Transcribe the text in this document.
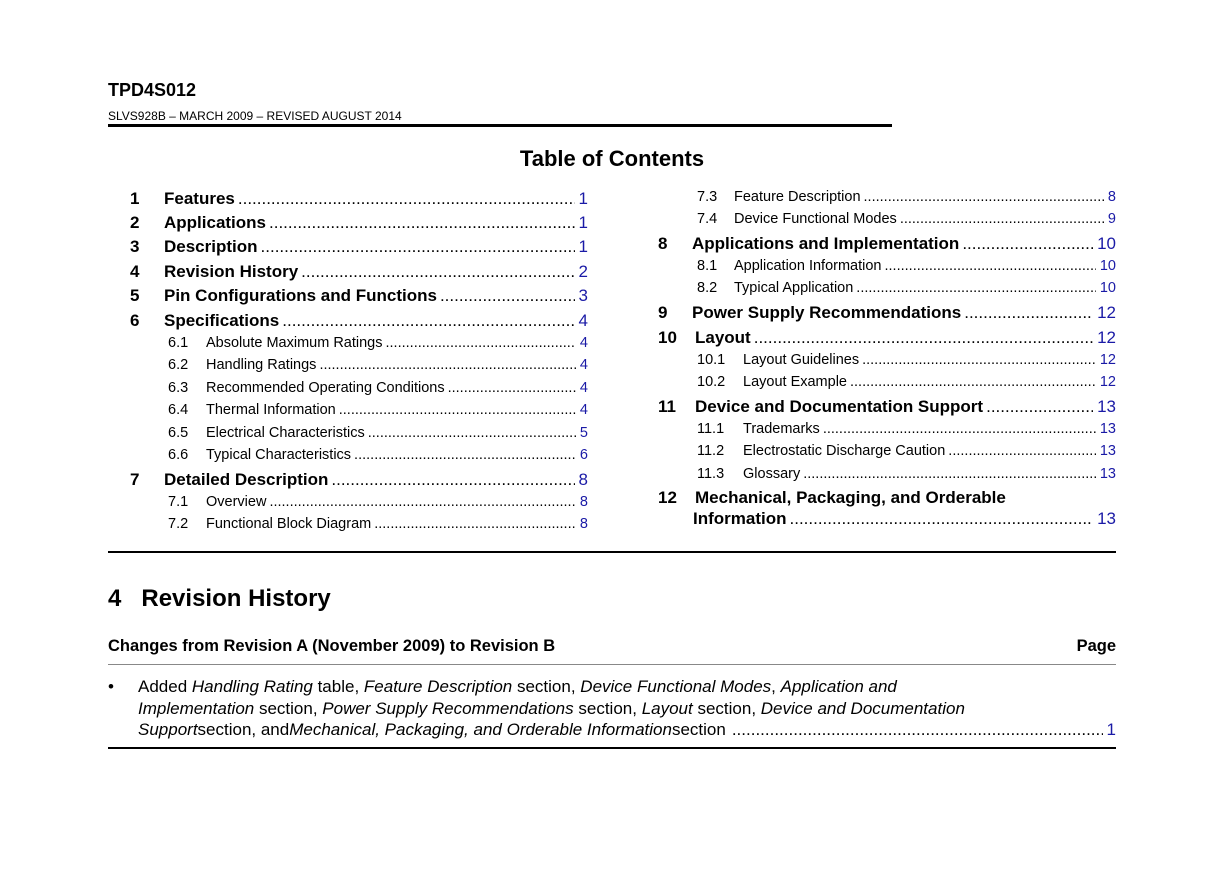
TPD4S012
SLVS928B – MARCH 2009 – REVISED AUGUST 2014
Table of Contents
1	Features .....	1
2	Applications .....	1
3	Description .....	1
4	Revision History .....	2
5	Pin Configurations and Functions .....	3
6	Specifications .....	4
6.1	Absolute Maximum Ratings .....	4
6.2	Handling Ratings .....	4
6.3	Recommended Operating Conditions .....	4
6.4	Thermal Information .....	4
6.5	Electrical Characteristics .....	5
6.6	Typical Characteristics .....	6
7	Detailed Description .....	8
7.1	Overview .....	8
7.2	Functional Block Diagram .....	8
7.3	Feature Description .....	8
7.4	Device Functional Modes .....	9
8	Applications and Implementation .....	10
8.1	Application Information .....	10
8.2	Typical Application .....	10
9	Power Supply Recommendations .....	12
10	Layout .....	12
10.1	Layout Guidelines .....	12
10.2	Layout Example .....	12
11	Device and Documentation Support .....	13
11.1	Trademarks .....	13
11.2	Electrostatic Discharge Caution .....	13
11.3	Glossary .....	13
12	Mechanical, Packaging, and Orderable
Information .....	13
4 Revision History
Changes from Revision A (November 2009) to Revision B	Page
• Added Handling Rating table, Feature Description section, Device Functional Modes, Application and
Implementation section, Power Supply Recommendations section, Layout section, Device and Documentation
Support section, and Mechanical, Packaging, and Orderable Information section .....	1
